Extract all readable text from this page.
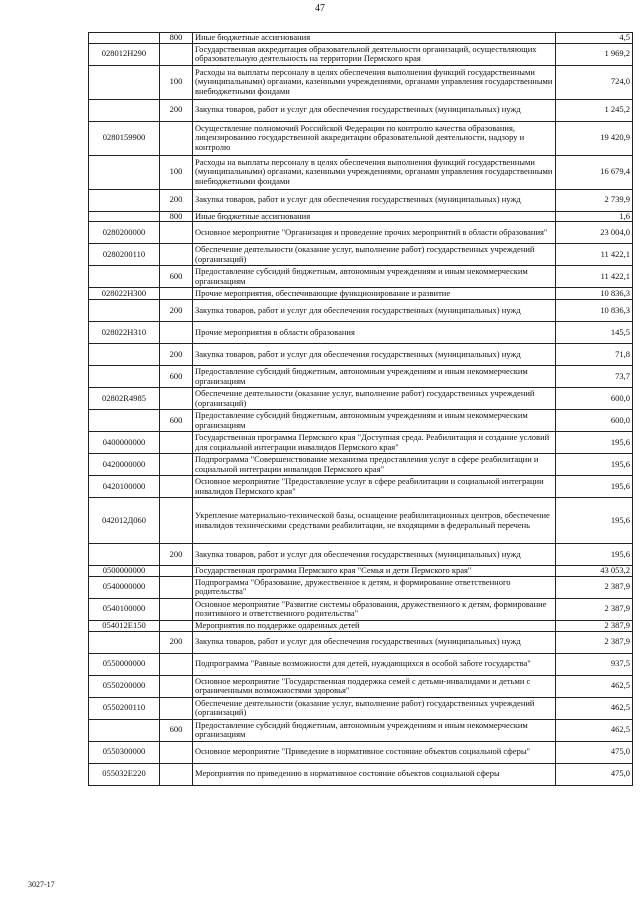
47
	800	Иные бюджетные ассигнования	4,5
028012Н290		Государственная аккредитация образовательной деятельности организаций, осуществляющих образовательную деятельность на территории Пермского края	1 969,2
	100	Расходы на выплаты персоналу в целях обеспечения выполнения функций государственными (муниципальными) органами, казенными учреждениями, органами управления государственными внебюджетными фондами	724,0
	200	Закупка товаров, работ и услуг для обеспечения государственных (муниципальных) нужд	1 245,2
0280159900		Осуществление полномочий Российской Федерации по контролю качества образования, лицензированию государственной аккредитации образовательной деятельности, надзору и контролю	19 420,9
	100	Расходы на выплаты персоналу в целях обеспечения выполнения функций государственными (муниципальными) органами, казенными учреждениями, органами управления государственными внебюджетными фондами	16 679,4
	200	Закупка товаров, работ и услуг для обеспечения государственных (муниципальных) нужд	2 739,9
	800	Иные бюджетные ассигнования	1,6
0280200000		Основное мероприятие "Организация и проведение прочих мероприятий в области образования"	23 004,0
0280200110		Обеспечение деятельности (оказание услуг, выполнение работ) государственных учреждений (организаций)	11 422,1
	600	Предоставление субсидий бюджетным, автономным учреждениям и иным некоммерческим организациям	11 422,1
028022Н300		Прочие мероприятия, обеспечивающие функционирование и развитие	10 836,3
	200	Закупка товаров, работ и услуг для обеспечения государственных (муниципальных) нужд	10 836,3
028022Н310		Прочие мероприятия в области образования	145,5
	200	Закупка товаров, работ и услуг для обеспечения государственных (муниципальных) нужд	71,8
	600	Предоставление субсидий бюджетным, автономным учреждениям и иным некоммерческим организациям	73,7
02802R4985		Обеспечение деятельности (оказание услуг, выполнение работ) государственных учреждений (организаций)	600,0
	600	Предоставление субсидий бюджетным, автономным учреждениям и иным некоммерческим организациям	600,0
0400000000		Государственная программа Пермского края "Доступная среда. Реабилитация и создание условий для социальной интеграции инвалидов Пермского края"	195,6
0420000000		Подпрограмма "Совершенствование механизма предоставления услуг в сфере реабилитации и социальной интеграции инвалидов Пермского края"	195,6
0420100000		Основное мероприятие "Предоставление услуг в сфере реабилитации и социальной интеграции инвалидов Пермского края"	195,6
042012Д060		Укрепление материально-технической базы, оснащение реабилитационных центров, обеспечение инвалидов техническими средствами реабилитации, не входящими в федеральный перечень	195,6
	200	Закупка товаров, работ и услуг для обеспечения государственных (муниципальных) нужд	195,6
0500000000		Государственная программа Пермского края "Семья и дети Пермского края"	43 053,2
0540000000		Подпрограмма "Образование, дружественное к детям, и формирование ответственного родительства"	2 387,9
0540100000		Основное мероприятие "Развитие системы образования, дружественного к детям, формирование позитивного и ответственного родительства"	2 387,9
054012Е150		Мероприятия по поддержке одаренных детей	2 387,9
	200	Закупка товаров, работ и услуг для обеспечения государственных (муниципальных) нужд	2 387,9
0550000000		Подпрограмма "Равные возможности для детей, нуждающихся в особой заботе государства"	937,5
0550200000		Основное мероприятие "Государственная поддержка семей с детьми-инвалидами и детьми с ограниченными возможностями здоровья"	462,5
0550200110		Обеспечение деятельности (оказание услуг, выполнение работ) государственных учреждений (организаций)	462,5
	600	Предоставление субсидий бюджетным, автономным учреждениям и иным некоммерческим организациям	462,5
0550300000		Основное мероприятие "Приведение в нормативное состояние объектов социальной сферы"	475,0
055032Е220		Мероприятия по приведению в нормативное состояние объектов социальной сферы	475,0
3027-17
